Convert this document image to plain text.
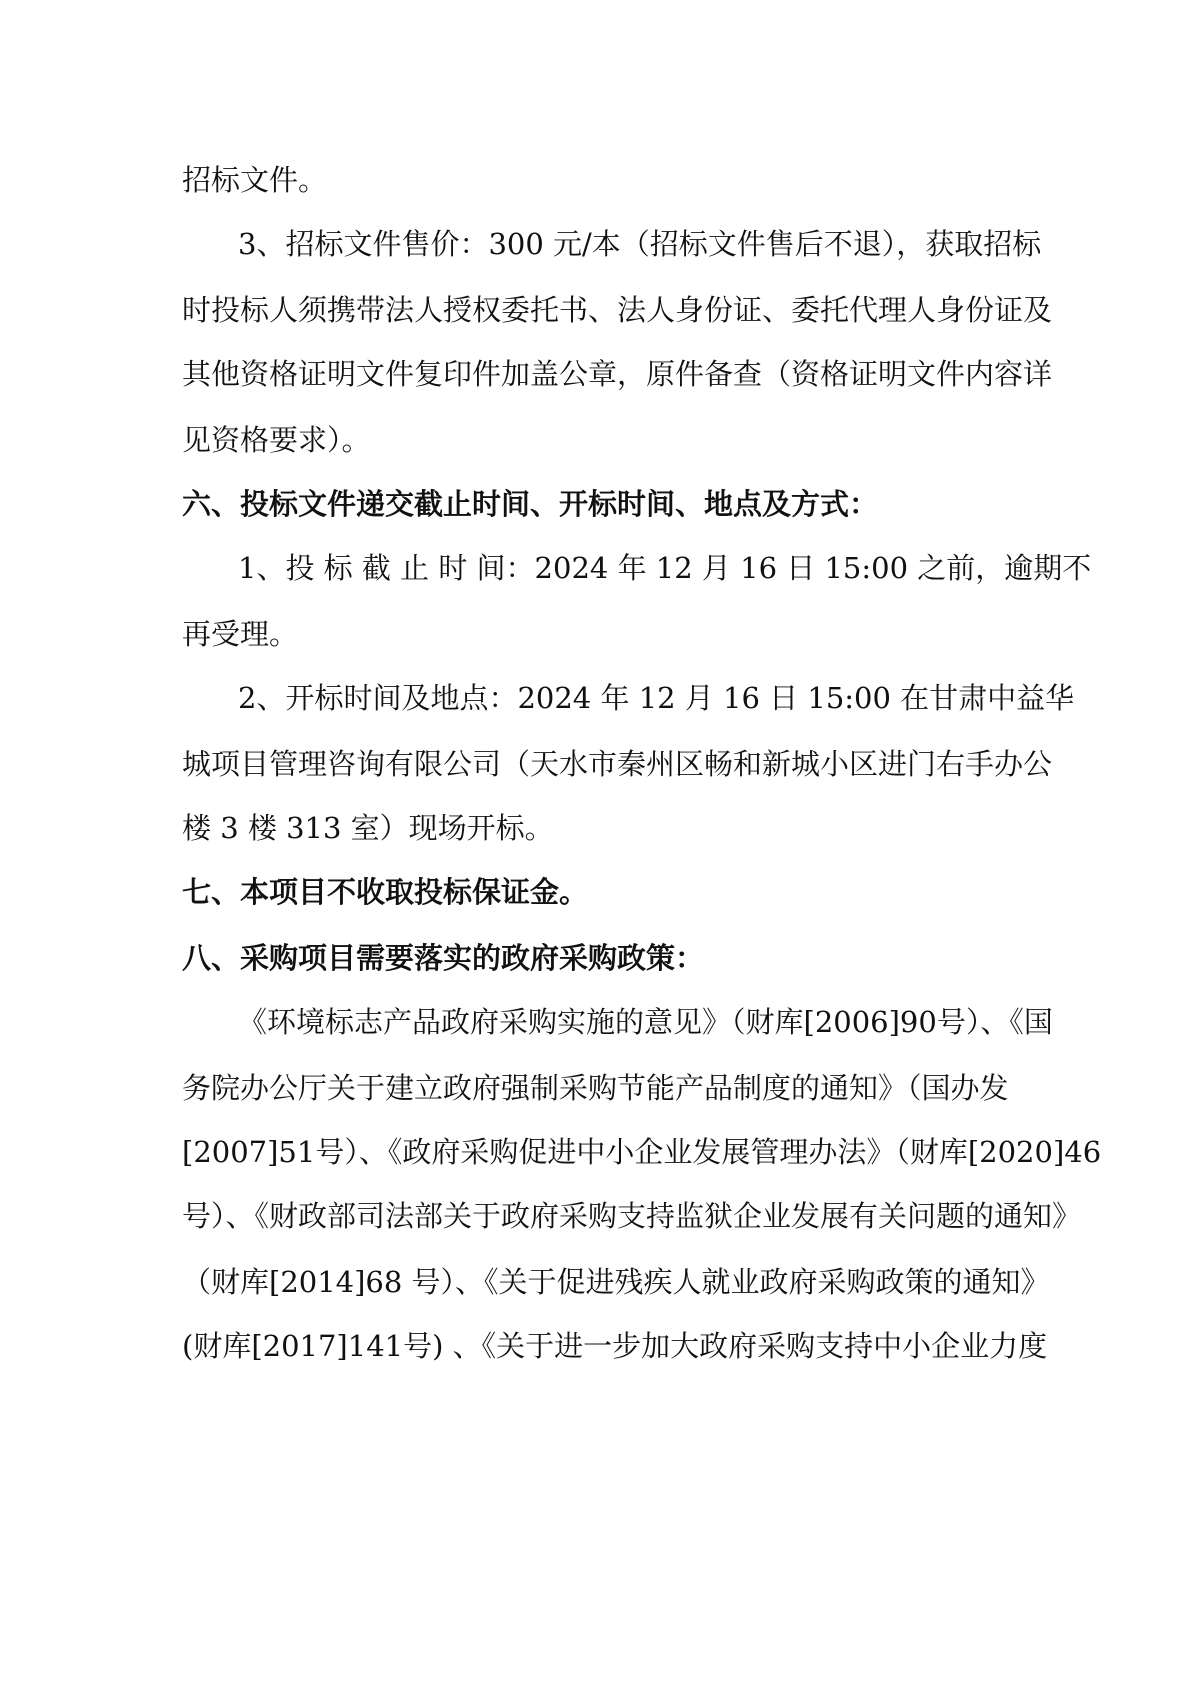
招标文件。
3、招标文件售价：300 元/本（招标文件售后不退），获取招标
时投标人须携带法人授权委托书、法人身份证、委托代理人身份证及
其他资格证明文件复印件加盖公章，原件备查（资格证明文件内容详
见资格要求）。
六、投标文件递交截止时间、开标时间、地点及方式：
1、投 标 截 止 时 间：2024 年 12 月 16 日 15:00 之前，逾期不
再受理。
2、开标时间及地点：2024 年 12 月 16 日 15:00 在甘肃中益华
城项目管理咨询有限公司（天水市秦州区畅和新城小区进门右手办公
楼 3 楼 313 室）现场开标。
七、本项目不收取投标保证金。
八、采购项目需要落实的政府采购政策：
《环境标志产品政府采购实施的意见》（财库[2006]90号）、《国
务院办公厅关于建立政府强制采购节能产品制度的通知》（国办发
[2007]51号）、《政府采购促进中小企业发展管理办法》（财库[2020]46
号）、《财政部司法部关于政府采购支持监狱企业发展有关问题的通知》
（财库[2014]68 号）、《关于促进残疾人就业政府采购政策的通知》
(财库[2017]141号) 、《关于进一步加大政府采购支持中小企业力度
